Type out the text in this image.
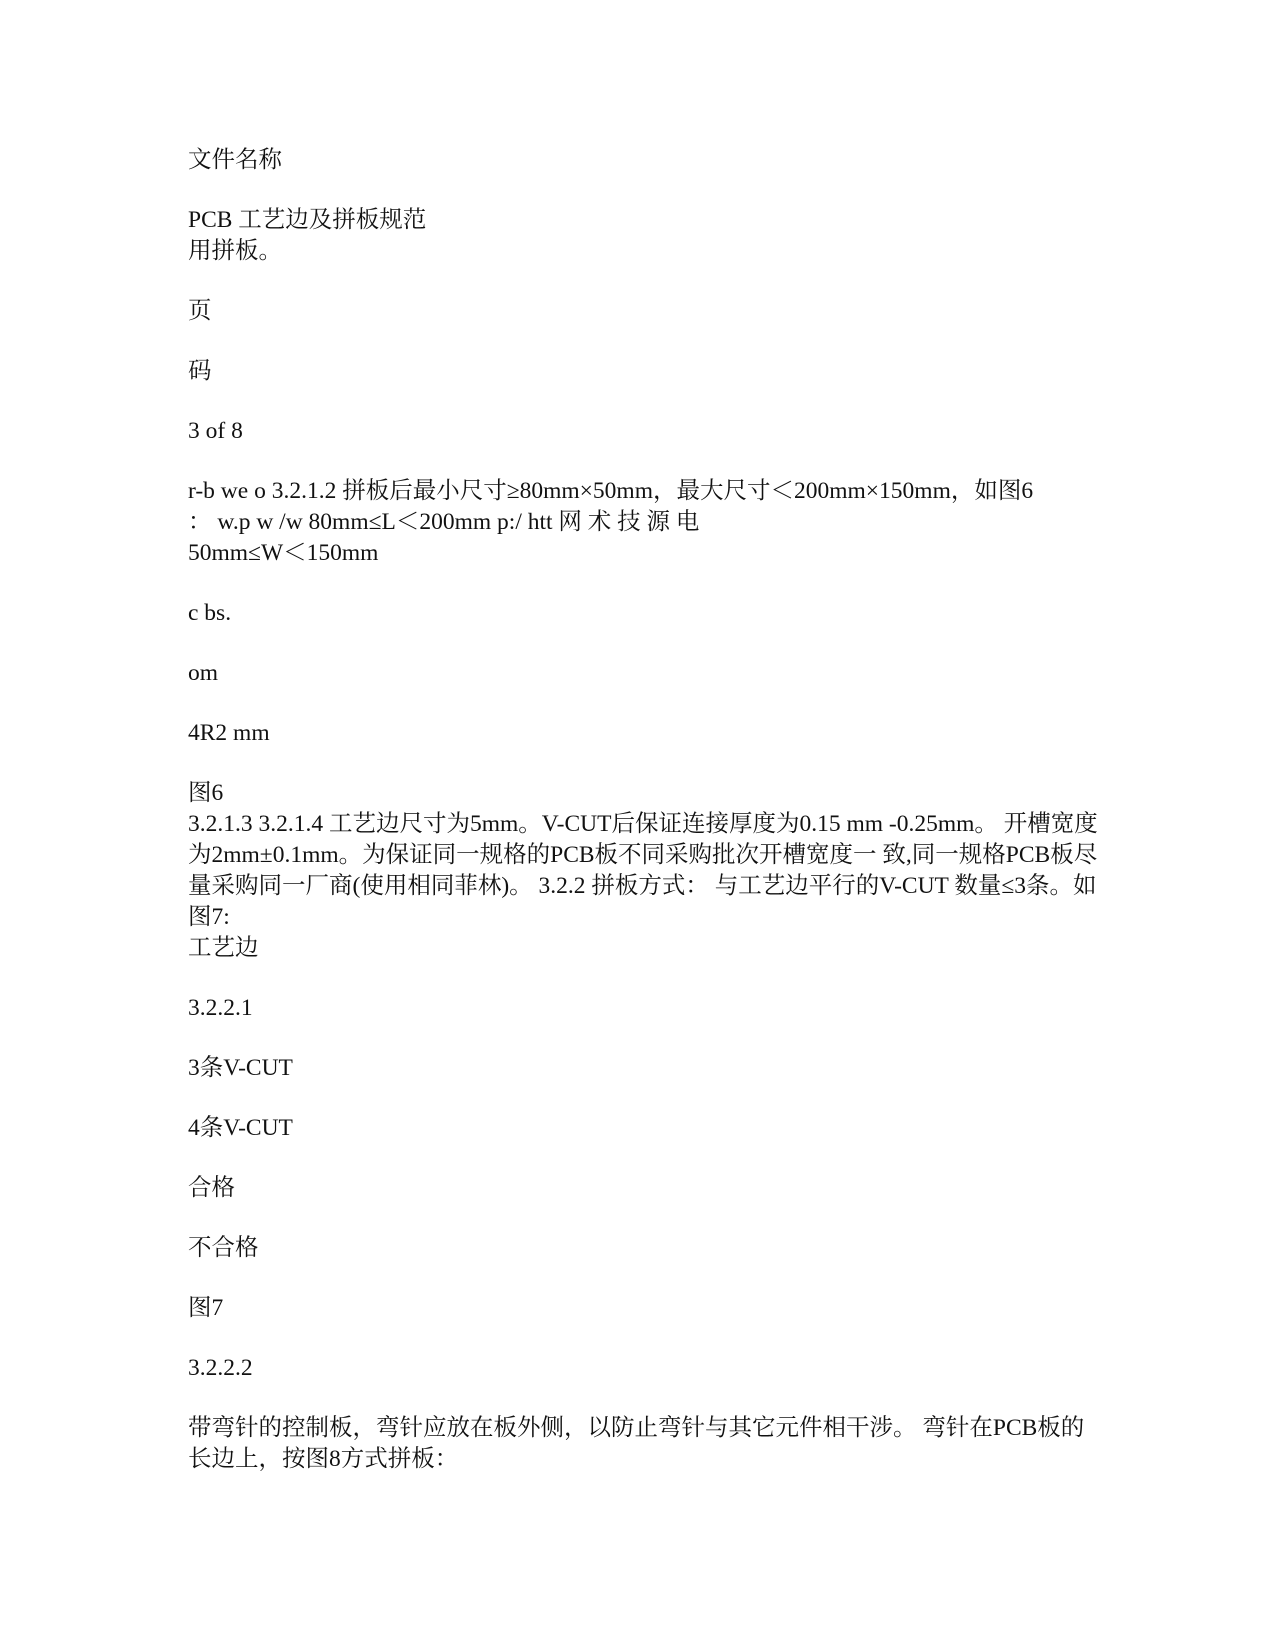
文件名称

PCB 工艺边及拼板规范

用拼板。

页

码

3 of 8

r-b we o 3.2.1.2 拼板后最小尺寸≥80mm×50mm，最大尺寸＜200mm×150mm，如图6

： w.p w /w 80mm≤L＜200mm p:/ htt 网 术 技 源 电

50mm≤W＜150mm

c bs.

om

4R2 mm

图6

3.2.1.3 3.2.1.4 工艺边尺寸为5mm。V-CUT后保证连接厚度为0.15 mm -0.25mm。 开槽宽度为2mm±0.1mm。为保证同一规格的PCB板不同采购批次开槽宽度一 致,同一规格PCB板尽量采购同一厂商(使用相同菲林)。 3.2.2 拼板方式： 与工艺边平行的V-CUT 数量≤3条。如图7:

工艺边

3.2.2.1

3条V-CUT

4条V-CUT

合格

不合格

图7

3.2.2.2

带弯针的控制板，弯针应放在板外侧，以防止弯针与其它元件相干涉。 弯针在PCB板的长边上，按图8方式拼板：
